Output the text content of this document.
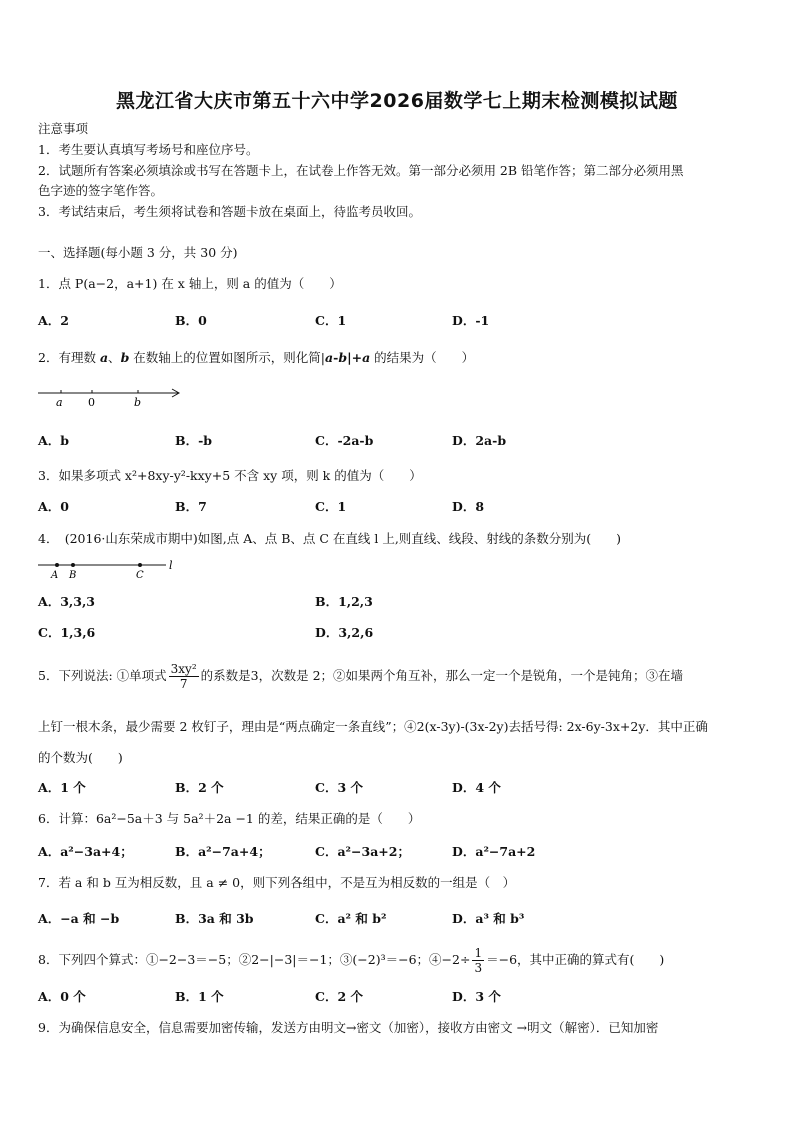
黑龙江省大庆市第五十六中学2026届数学七上期末检测模拟试题
注意事项
1．考生要认真填写考场号和座位序号。
2．试题所有答案必须填涂或书写在答题卡上，在试卷上作答无效。第一部分必须用 2B 铅笔作答；第二部分必须用黑
色字迹的签字笔作答。
3．考试结束后，考生须将试卷和答题卡放在桌面上，待监考员收回。
一、选择题(每小题 3 分，共 30 分)
1．点 P(a−2，a+1) 在 x 轴上，则 a 的值为（　　）
A．2	B．0	C．1	D．-1
2．有理数 a、b 在数轴上的位置如图所示，则化简|a-b|+a 的结果为（　　）
a 0	b
A．b	B．-b	C．-2a-b	D．2a-b
3．如果多项式 x²+8xy-y²-kxy+5 不含 xy 项，则 k 的值为（　　）
A．0	B．7	C．1	D．8
4．　(2016·山东荣成市期中)如图,点 A、点 B、点 C 在直线 l 上,则直线、线段、射线的条数分别为(　　)
A B	C
l
A．3,3,3	B．1,2,3
C．1,3,6	D．3,2,6
5．下列说法: ①单项式 $\frac{\text{3xy²}}{7}$ 的系数是3，次数是 2；②如果两个角互补，那么一定一个是锐角，一个是钝角；③在墙
上钉一根木条，最少需要 2 枚钉子，理由是“两点确定一条直线”；④2(x-3y)-(3x-2y)去括号得: 2x-6y-3x+2y．其中正确
的个数为(　　)
A．1 个	B．2 个	C．3 个	D．4 个
6．计算：6a²−5a＋3 与 5a²＋2a −1 的差，结果正确的是（　　）
A．a²−3a+4；	B．a²−7a+4；	C．a²−3a+2；	D．a²−7a+2
7．若 a 和 b 互为相反数，且 a ≠ 0，则下列各组中，不是互为相反数的一组是（　）
A．−a 和 −b	B．3a 和 3b	C．a² 和 b²	D．a³ 和 b³
8．下列四个算式：①−2−3＝−5；②2−|−3|＝−1；③(−2)³＝−6；④−2÷ $\frac{1}{3} =-6$，其中正确的算式有(　　)
A．0 个	B．1 个	C．2 个	D．3 个
9．为确保信息安全，信息需要加密传输，发送方由明文→密文（加密），接收方由密文 →明文（解密）．已知加密
